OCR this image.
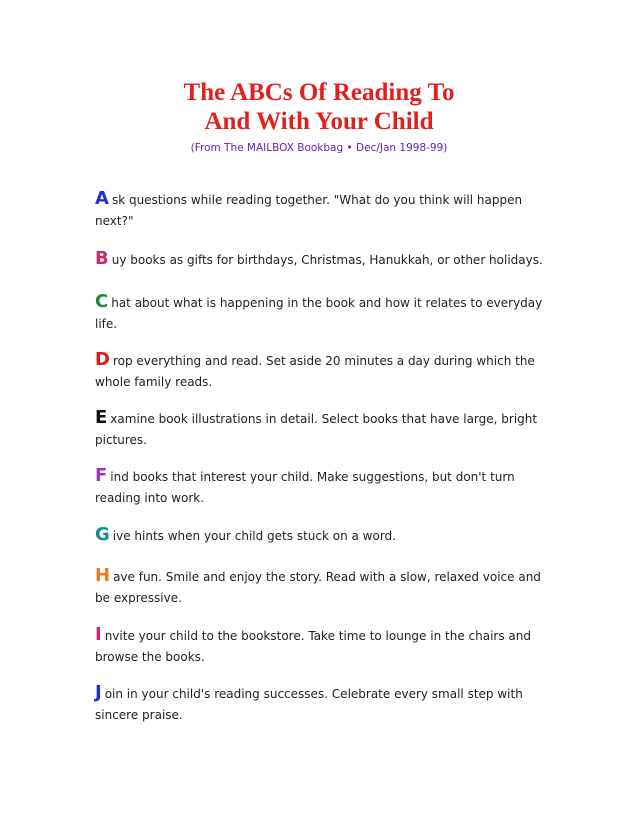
The ABCs Of Reading To

And With Your Child

(From The MAILBOX Bookbag • Dec/Jan 1998-99)
Ask questions while reading together. "What do you think will happen next?"
Buy books as gifts for birthdays, Christmas, Hanukkah, or other holidays.
Chat about what is happening in the book and how it relates to everyday life.
Drop everything and read. Set aside 20 minutes a day during which the whole family reads.
Examine book illustrations in detail. Select books that have large, bright pictures.
Find books that interest your child. Make suggestions, but don't turn reading into work.
Give hints when your child gets stuck on a word.
Have fun. Smile and enjoy the story. Read with a slow, relaxed voice and be expressive.
Invite your child to the bookstore. Take time to lounge in the chairs and browse the books.
Join in your child's reading successes. Celebrate every small step with sincere praise.
